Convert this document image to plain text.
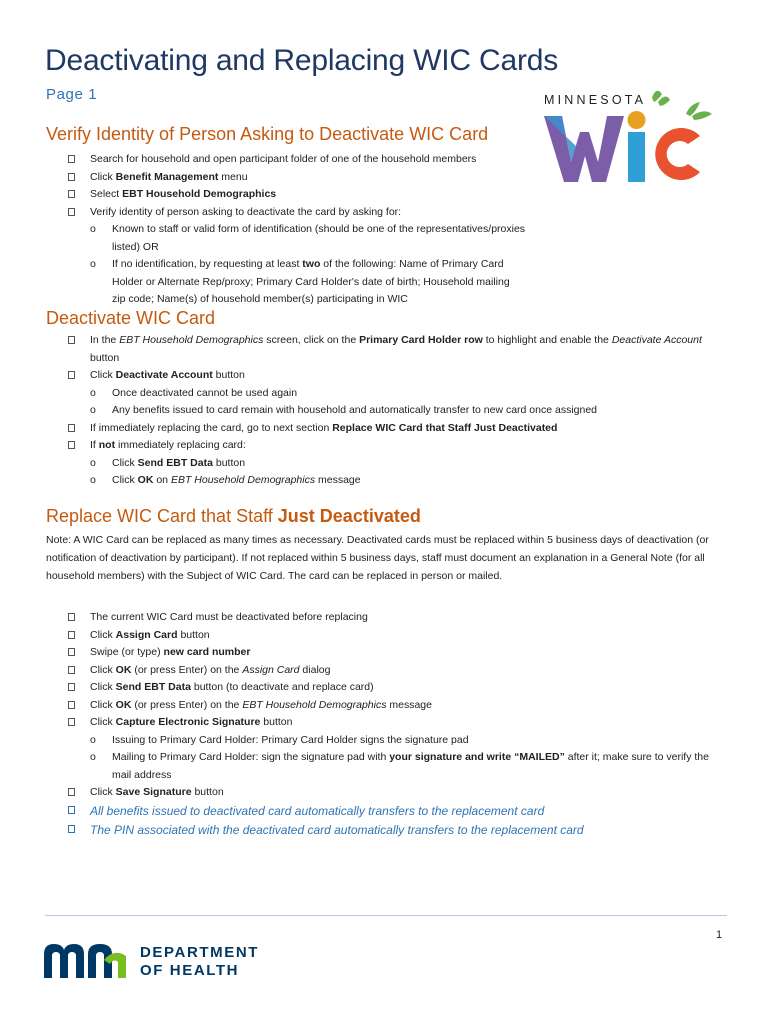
Deactivating and Replacing WIC Cards
Page 1	MINNESOTA
Verify Identity of Person Asking to Deactivate WIC Card
Search for household and open participant folder of one of the household members
Click Benefit Management menu
Select EBT Household Demographics
Verify identity of person asking to deactivate the card by asking for:
o Known to staff or valid form of identification (should be one of the representatives/proxies listed) OR
o If no identification, by requesting at least two of the following: Name of Primary Card Holder or Alternate Rep/proxy; Primary Card Holder's date of birth; Household mailing zip code; Name(s) of household member(s) participating in WIC
Deactivate WIC Card
In the EBT Household Demographics screen, click on the Primary Card Holder row to highlight and enable the Deactivate Account button
Click Deactivate Account button
o Once deactivated cannot be used again
o Any benefits issued to card remain with household and automatically transfer to new card once assigned
If immediately replacing the card, go to next section Replace WIC Card that Staff Just Deactivated
If not immediately replacing card:
o Click Send EBT Data button
o Click OK on EBT Household Demographics message
Replace WIC Card that Staff Just Deactivated
Note: A WIC Card can be replaced as many times as necessary. Deactivated cards must be replaced within 5 business days of deactivation (or notification of deactivation by participant). If not replaced within 5 business days, staff must document an explanation in a General Note (for all household members) with the Subject of WIC Card. The card can be replaced in person or mailed.
The current WIC Card must be deactivated before replacing
Click Assign Card button
Swipe (or type) new card number
Click OK (or press Enter) on the Assign Card dialog
Click Send EBT Data button (to deactivate and replace card)
Click OK (or press Enter) on the EBT Household Demographics message
Click Capture Electronic Signature button
o Issuing to Primary Card Holder: Primary Card Holder signs the signature pad
o Mailing to Primary Card Holder: sign the signature pad with your signature and write “MAILED” after it; make sure to verify the mail address
Click Save Signature button
All benefits issued to deactivated card automatically transfers to the replacement card
The PIN associated with the deactivated card automatically transfers to the replacement card
1
DEPARTMENT
OF HEALTH
